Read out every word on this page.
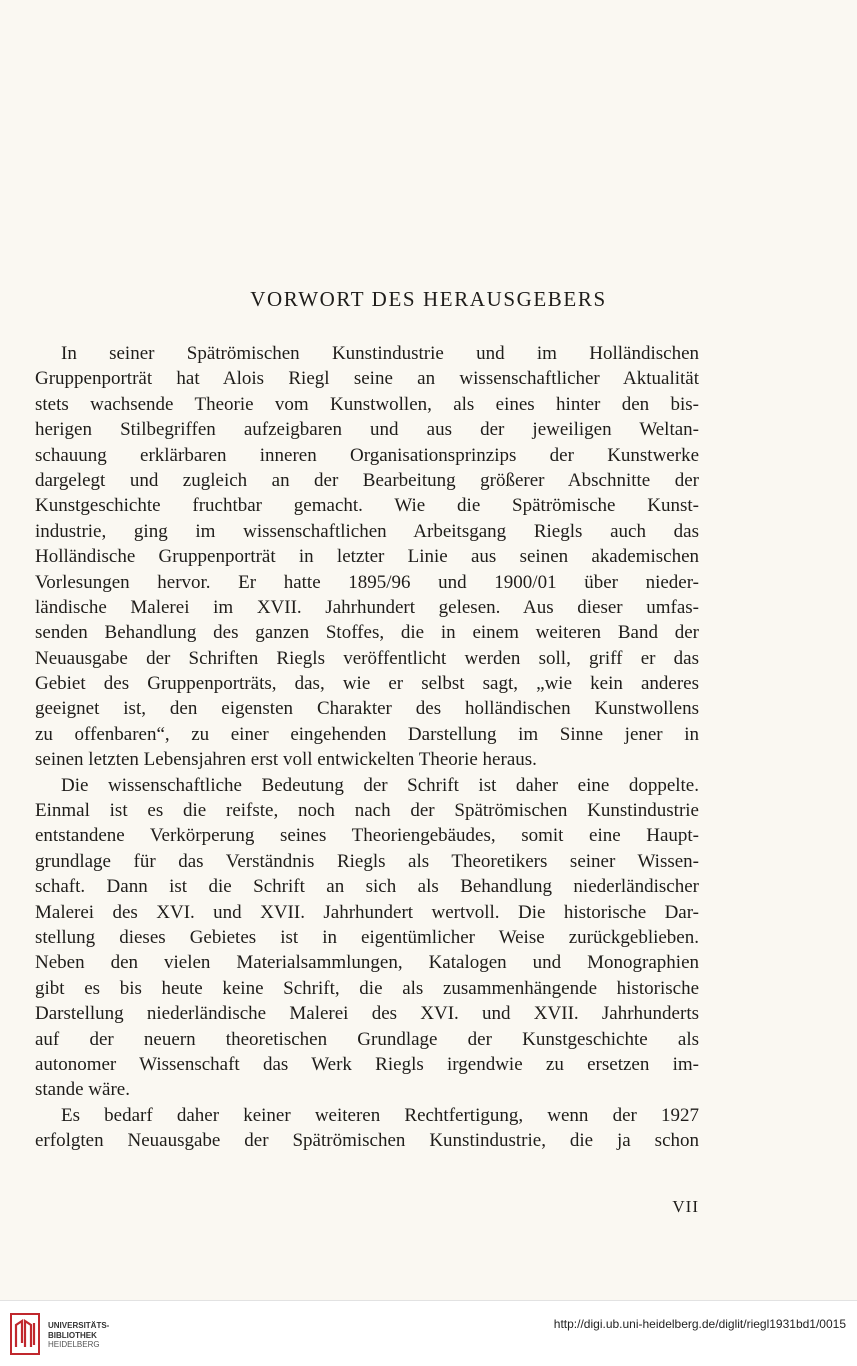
VORWORT DES HERAUSGEBERS
In seiner Spätrömischen Kunstindustrie und im Holländischen
Gruppenporträt hat Alois Riegl seine an wissenschaftlicher Aktualität
stets wachsende Theorie vom Kunstwollen, als eines hinter den bis-
herigen Stilbegriffen aufzeigbaren und aus der jeweiligen Weltan-
schauung erklärbaren inneren Organisationsprinzips der Kunstwerke
dargelegt und zugleich an der Bearbeitung größerer Abschnitte der
Kunstgeschichte fruchtbar gemacht. Wie die Spätrömische Kunst-
industrie, ging im wissenschaftlichen Arbeitsgang Riegls auch das
Holländische Gruppenporträt in letzter Linie aus seinen akademischen
Vorlesungen hervor. Er hatte 1895/96 und 1900/01 über nieder-
ländische Malerei im XVII. Jahrhundert gelesen. Aus dieser umfas-
senden Behandlung des ganzen Stoffes, die in einem weiteren Band der
Neuausgabe der Schriften Riegls veröffentlicht werden soll, griff er das
Gebiet des Gruppenporträts, das, wie er selbst sagt, „wie kein anderes
geeignet ist, den eigensten Charakter des holländischen Kunstwollens
zu offenbaren“, zu einer eingehenden Darstellung im Sinne jener in
seinen letzten Lebensjahren erst voll entwickelten Theorie heraus.
Die wissenschaftliche Bedeutung der Schrift ist daher eine doppelte.
Einmal ist es die reifste, noch nach der Spätrömischen Kunstindustrie
entstandene Verkörperung seines Theoriengebäudes, somit eine Haupt-
grundlage für das Verständnis Riegls als Theoretikers seiner Wissen-
schaft. Dann ist die Schrift an sich als Behandlung niederländischer
Malerei des XVI. und XVII. Jahrhundert wertvoll. Die historische Dar-
stellung dieses Gebietes ist in eigentümlicher Weise zurückgeblieben.
Neben den vielen Materialsammlungen, Katalogen und Monographien
gibt es bis heute keine Schrift, die als zusammenhängende historische
Darstellung niederländische Malerei des XVI. und XVII. Jahrhunderts
auf der neuern theoretischen Grundlage der Kunstgeschichte als
autonomer Wissenschaft das Werk Riegls irgendwie zu ersetzen im-
stande wäre.
Es bedarf daher keiner weiteren Rechtfertigung, wenn der 1927
erfolgten Neuausgabe der Spätrömischen Kunstindustrie, die ja schon
VII
UNIVERSITÄTS-
BIBLIOTHEK
HEIDELBERG
http://digi.ub.uni-heidelberg.de/diglit/riegl1931bd1/0015
